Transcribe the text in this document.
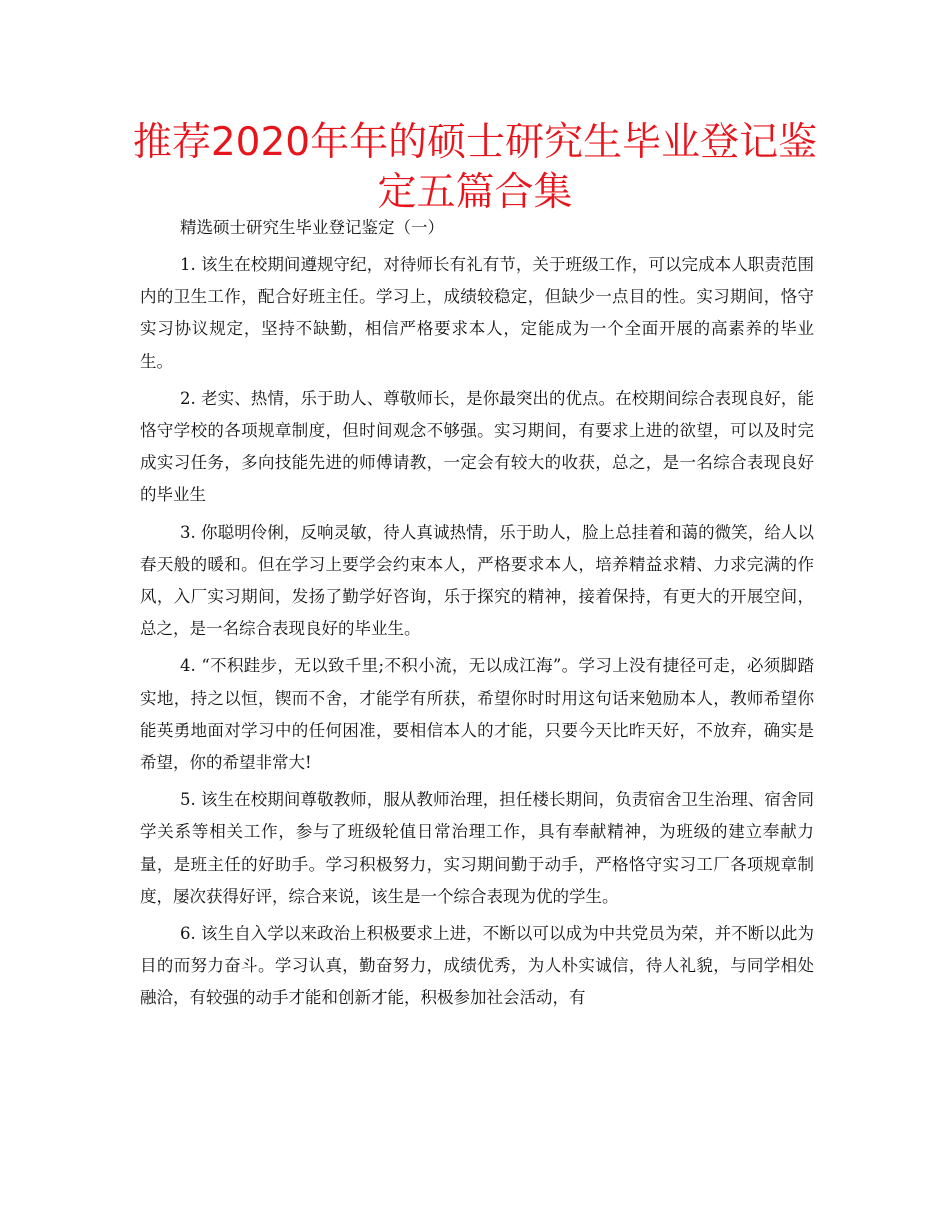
推荐2020年年的硕士研究生毕业登记鉴定五篇合集

精选硕士研究生毕业登记鉴定（一）

1. 该生在校期间遵规守纪，对待师长有礼有节，关于班级工作，可以完成本人职责范围内的卫生工作，配合好班主任。学习上，成绩较稳定，但缺少一点目的性。实习期间，恪守实习协议规定，坚持不缺勤，相信严格要求本人，定能成为一个全面开展的高素养的毕业生。

2. 老实、热情，乐于助人、尊敬师长，是你最突出的优点。在校期间综合表现良好，能恪守学校的各项规章制度，但时间观念不够强。实习期间，有要求上进的欲望，可以及时完成实习任务，多向技能先进的师傅请教，一定会有较大的收获，总之，是一名综合表现良好的毕业生

3. 你聪明伶俐，反响灵敏，待人真诚热情，乐于助人，脸上总挂着和蔼的微笑，给人以春天般的暖和。但在学习上要学会约束本人，严格要求本人，培养精益求精、力求完满的作风，入厂实习期间，发扬了勤学好咨询，乐于探究的精神，接着保持，有更大的开展空间，总之，是一名综合表现良好的毕业生。

4. “不积跬步，无以致千里;不积小流，无以成江海”。学习上没有捷径可走，必须脚踏实地，持之以恒，锲而不舍，才能学有所获，希望你时时用这句话来勉励本人，教师希望你能英勇地面对学习中的任何困准，要相信本人的才能，只要今天比昨天好，不放弃，确实是希望，你的希望非常大!

5. 该生在校期间尊敬教师，服从教师治理，担任楼长期间，负责宿舍卫生治理、宿舍同学关系等相关工作，参与了班级轮值日常治理工作，具有奉献精神，为班级的建立奉献力量，是班主任的好助手。学习积极努力，实习期间勤于动手，严格恪守实习工厂各项规章制度，屡次获得好评，综合来说，该生是一个综合表现为优的学生。

6. 该生自入学以来政治上积极要求上进，不断以可以成为中共党员为荣，并不断以此为目的而努力奋斗。学习认真，勤奋努力，成绩优秀，为人朴实诚信，待人礼貌，与同学相处融洽，有较强的动手才能和创新才能，积极参加社会活动，有
